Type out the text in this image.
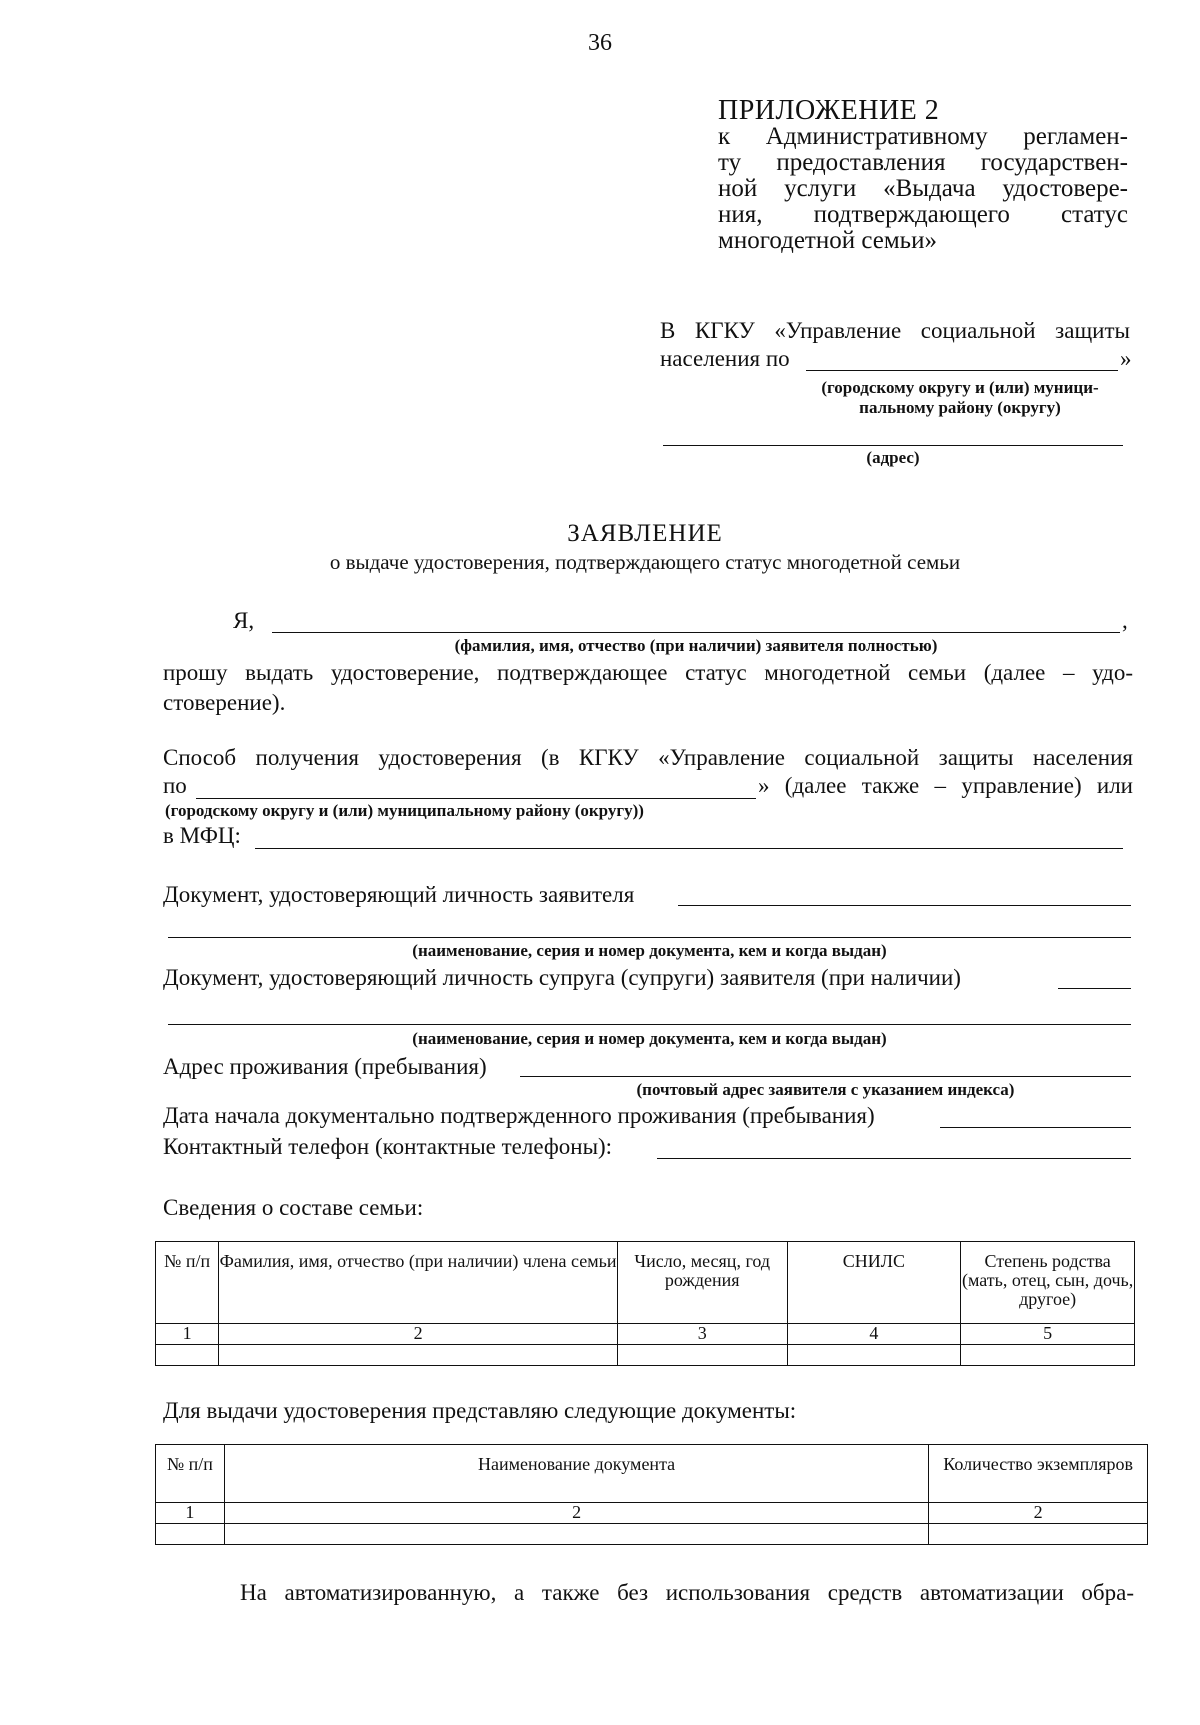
36
ПРИЛОЖЕНИЕ 2
к Административному регламен-
ту предоставления государствен-
ной услуги «Выдача удостовере-
ния, подтверждающего статус
многодетной семьи»
В КГКУ «Управление социальной защиты
населения по	»
(городскому округу и (или) муници-
пальному району (округу)
(адрес)
ЗАЯВЛЕНИЕ
о выдаче удостоверения, подтверждающего статус многодетной семьи
Я,	,
(фамилия, имя, отчество (при наличии) заявителя полностью)
прошу выдать удостоверение, подтверждающее статус многодетной семьи (далее – удо-
стоверение).
Способ получения удостоверения (в КГКУ «Управление социальной защиты населения
по	» (далее также – управление) или
(городскому округу и (или) муниципальному району (округу))
в МФЦ:
Документ, удостоверяющий личность заявителя
(наименование, серия и номер документа, кем и когда выдан)
Документ, удостоверяющий личность супруга (супруги) заявителя (при наличии)
(наименование, серия и номер документа, кем и когда выдан)
Адрес проживания (пребывания)
(почтовый адрес заявителя с указанием индекса)
Дата начала документально подтвержденного проживания (пребывания)
Контактный телефон (контактные телефоны):
Сведения о составе семьи:
№ п/п	Фамилия, имя, отчество (при наличии) члена семьи	Число, месяц, год рождения	СНИЛС	Степень родства (мать, отец, сын, дочь, другое)
1	2	3	4	5

Для выдачи удостоверения представляю следующие документы:
№ п/п	Наименование документа	Количество экземпляров
1	2	2

На автоматизированную, а также без использования средств автоматизации обра-
